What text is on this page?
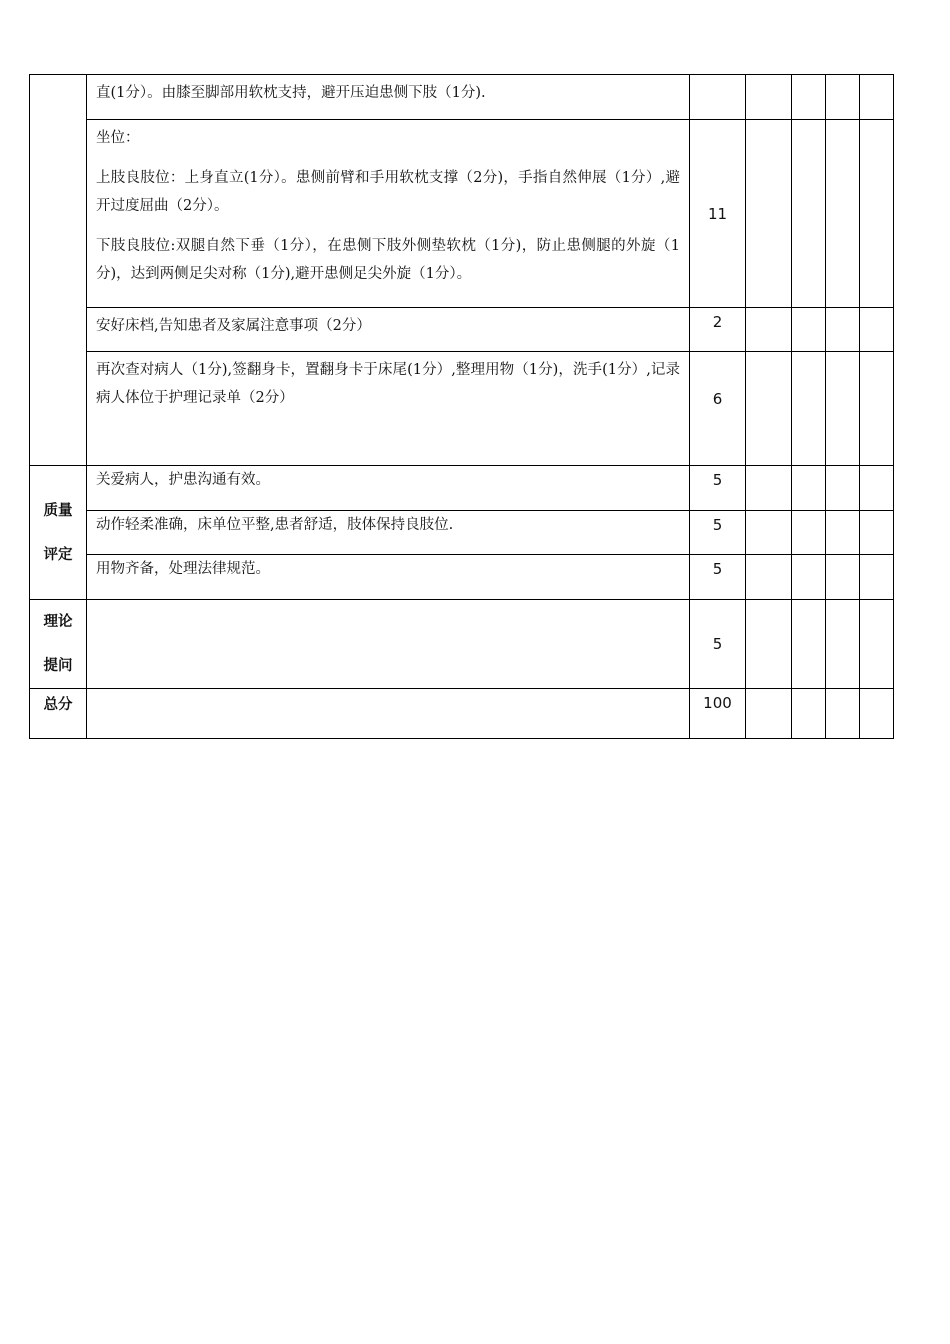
	直(1分）。由膝至脚部用软枕支持，避开压迫患侧下肢（1分).					

	坐位：

上肢良肢位：上身直立(1分）。患侧前臂和手用软枕支撑（2分)，手指自然伸展（1分）,避开过度屈曲（2分）。

下肢良肢位:双腿自然下垂（1分），在患侧下肢外侧垫软枕（1分)，防止患侧腿的外旋（1分)，达到两侧足尖对称（1分),避开患侧足尖外旋（1分）。	11				

	安好床档,告知患者及家属注意事项（2分）	2				

	再次查对病人（1分),签翻身卡，置翻身卡于床尾(1分）,整理用物（1分)，洗手(1分）,记录病人体位于护理记录单（2分）	6				

质量
评定	关爱病人，护患沟通有效。	5				

	动作轻柔准确，床单位平整,患者舒适，肢体保持良肢位.	5				

	用物齐备，处理法律规范。	5				

理论
提问		5				

总分		100				
